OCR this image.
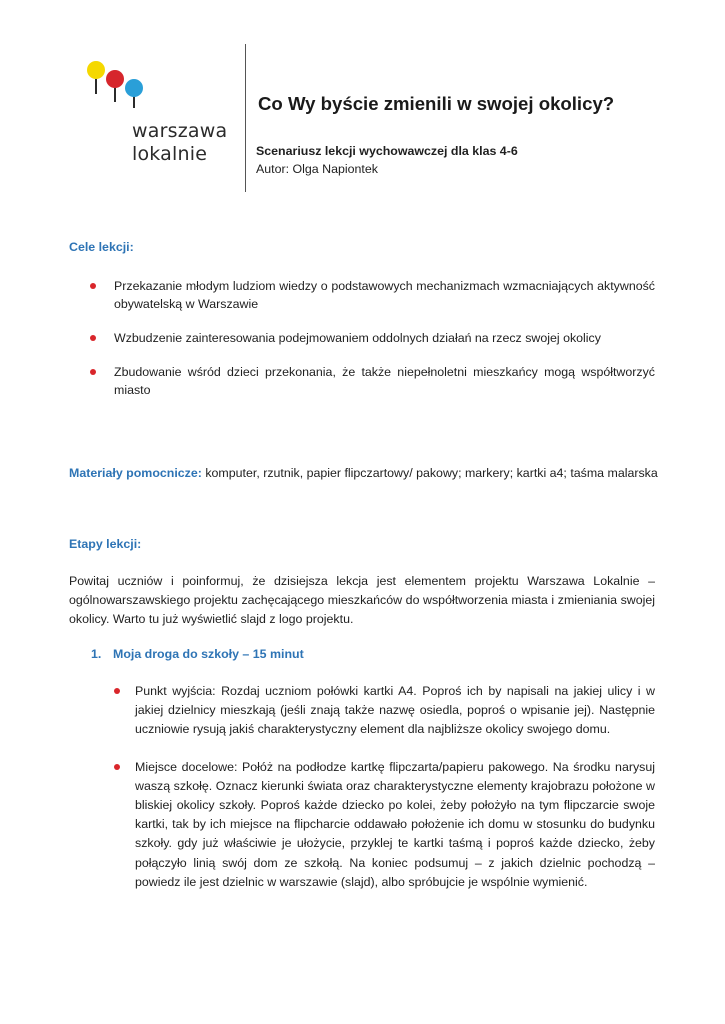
warszawa
lokalnie
Co Wy byście zmienili w swojej okolicy?
Scenariusz lekcji wychowawczej dla klas 4-6
Autor: Olga Napiontek
Cele lekcji:
Przekazanie młodym ludziom wiedzy o podstawowych mechanizmach wzmacniających aktywność obywatelską w Warszawie
Wzbudzenie zainteresowania podejmowaniem oddolnych działań na rzecz swojej okolicy
Zbudowanie wśród dzieci przekonania, że także niepełnoletni mieszkańcy mogą współtworzyć miasto
Materiały pomocnicze: komputer, rzutnik, papier flipczartowy/ pakowy; markery; kartki a4; taśma malarska
Etapy lekcji:
Powitaj uczniów i poinformuj, że dzisiejsza lekcja jest elementem projektu Warszawa Lokalnie – ogólnowarszawskiego projektu zachęcającego mieszkańców do współtworzenia miasta i zmieniania swojej okolicy. Warto tu już wyświetlić slajd z logo projektu.
1. Moja droga do szkoły – 15 minut
Punkt wyjścia: Rozdaj uczniom połówki kartki A4. Poproś ich by napisali na jakiej ulicy i w jakiej dzielnicy mieszkają (jeśli znają także nazwę osiedla, poproś o wpisanie jej). Następnie uczniowie rysują jakiś charakterystyczny element dla najbliższe okolicy swojego domu.
Miejsce docelowe: Połóż na podłodze kartkę flipczarta/papieru pakowego. Na środku narysuj waszą szkołę. Oznacz kierunki świata oraz charakterystyczne elementy krajobrazu położone w bliskiej okolicy szkoły. Poproś każde dziecko po kolei, żeby położyło na tym flipczarcie swoje kartki, tak by ich miejsce na flipcharcie oddawało położenie ich domu w stosunku do budynku szkoły. gdy już właściwie je ułożycie, przyklej te kartki taśmą i poproś każde dziecko, żeby połączyło linią swój dom ze szkołą. Na koniec podsumuj – z jakich dzielnic pochodzą – powiedz ile jest dzielnic w warszawie (slajd), albo spróbujcie je wspólnie wymienić.
